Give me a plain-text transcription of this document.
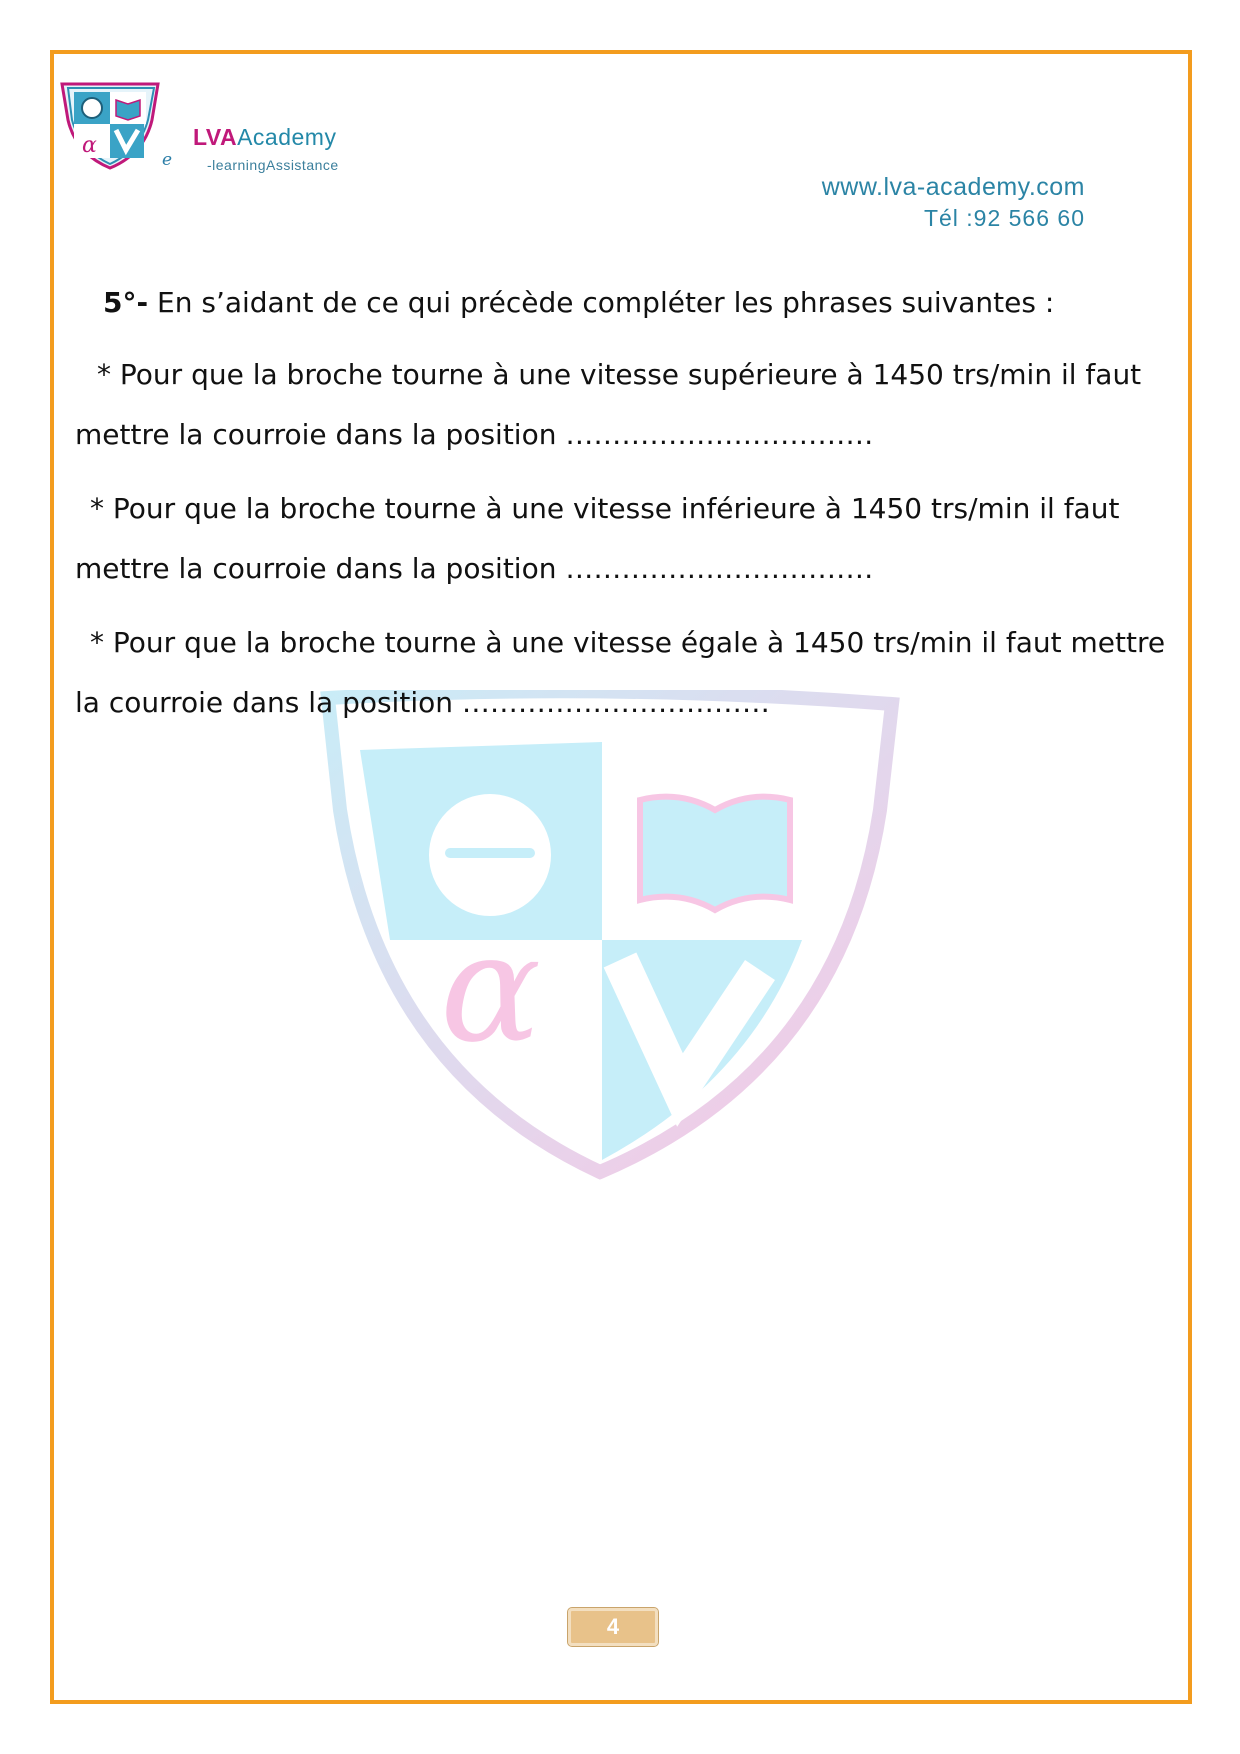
α
e
LVAAcademy
-learningAssistance
www.lva-academy.com
Tél :92 566 60
α
5°- En s’aidant de ce qui précède compléter les phrases suivantes :
* Pour que la broche tourne à une vitesse supérieure à 1450 trs/min il faut
mettre la courroie dans la position ……………………………
* Pour que la broche tourne à une vitesse inférieure à 1450 trs/min il faut
mettre la courroie dans la position ……………………………
* Pour que la broche tourne à une vitesse égale à 1450 trs/min il faut mettre
la courroie dans la position ……………………………
4
